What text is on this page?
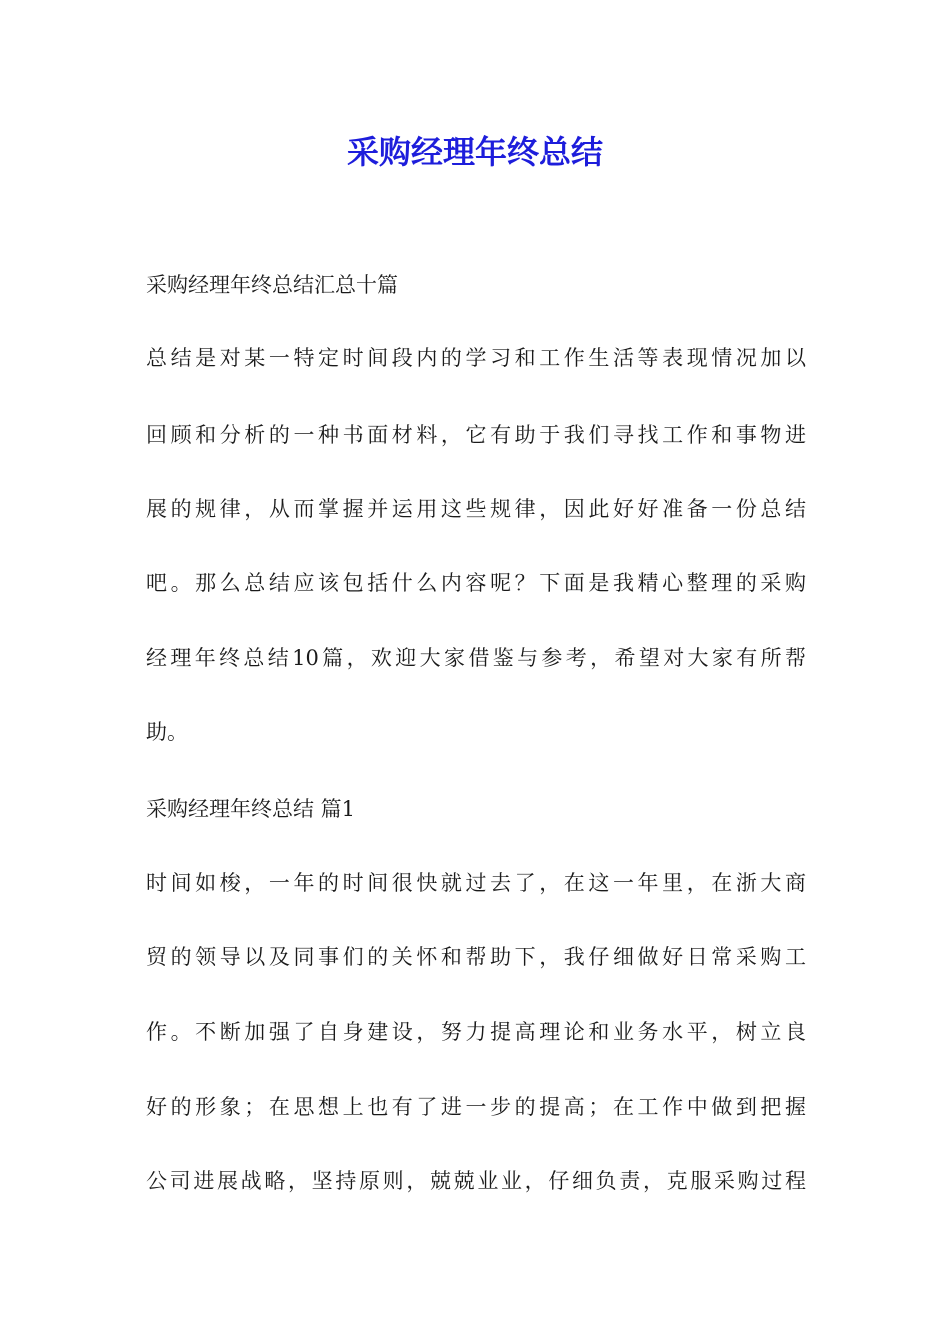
采购经理年终总结

采购经理年终总结汇总十篇

总结是对某一特定时间段内的学习和工作生活等表现情况加以

回顾和分析的一种书面材料，它有助于我们寻找工作和事物进

展的规律，从而掌握并运用这些规律，因此好好准备一份总结

吧。那么总结应该包括什么内容呢？下面是我精心整理的采购

经理年终总结10篇，欢迎大家借鉴与参考，希望对大家有所帮

助。

采购经理年终总结 篇1

时间如梭，一年的时间很快就过去了，在这一年里，在浙大商

贸的领导以及同事们的关怀和帮助下，我仔细做好日常采购工

作。不断加强了自身建设，努力提高理论和业务水平，树立良

好的形象；在思想上也有了进一步的提高；在工作中做到把握

公司进展战略，坚持原则，兢兢业业，仔细负责，克服采购过程
